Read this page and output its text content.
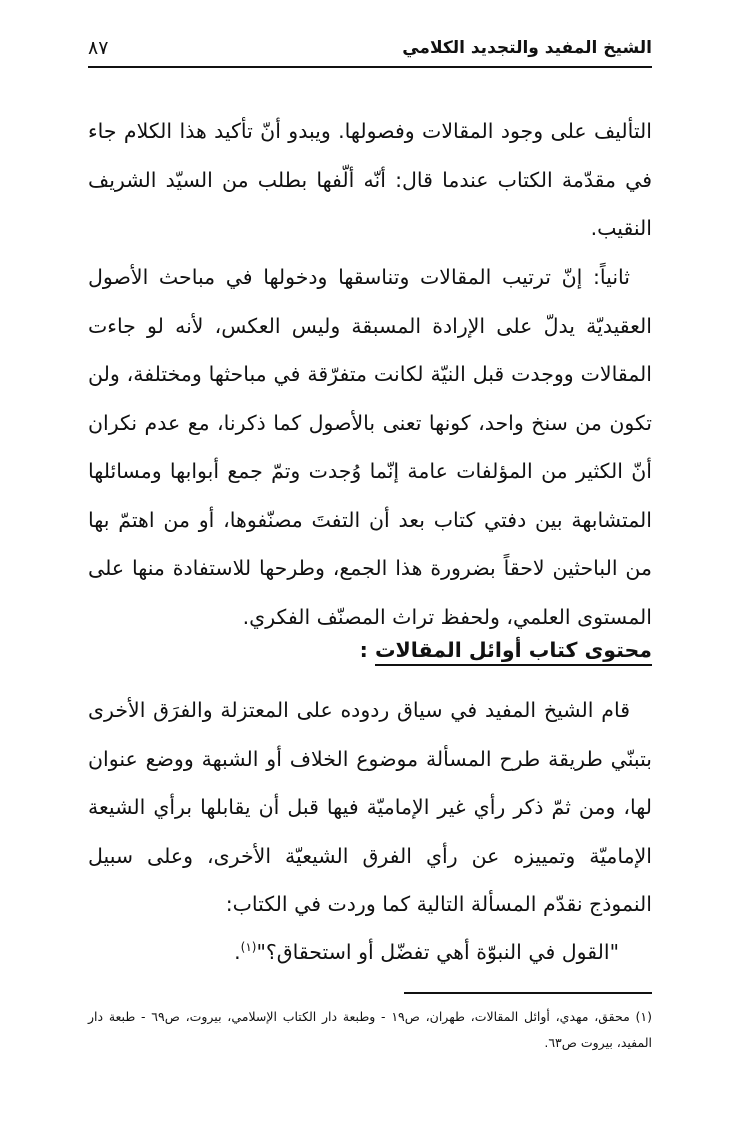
الشيخ المفيد والتجديد الكلامي
٨٧

التأليف على وجود المقالات وفصولها. ويبدو أنّ تأكيد هذا الكلام جاء في مقدّمة الكتاب عندما قال: أنّه ألّفها بطلب من السيّد الشريف النقيب.

ثانياً: إنّ ترتيب المقالات وتناسقها ودخولها في مباحث الأصول العقيديّة يدلّ على الإرادة المسبقة وليس العكس، لأنه لو جاءت المقالات ووجدت قبل النيّة لكانت متفرّقة في مباحثها ومختلفة، ولن تكون من سنخ واحد، كونها تعنى بالأصول كما ذكرنا، مع عدم نكران أنّ الكثير من المؤلفات عامة إنّما وُجدت وتمّ جمع أبوابها ومسائلها المتشابهة بين دفتي كتاب بعد أن التفتَ مصنّفوها، أو من اهتمّ بها من الباحثين لاحقاً بضرورة هذا الجمع، وطرحها للاستفادة منها على المستوى العلمي، ولحفظ تراث المصنّف الفكري.

محتوى كتاب أوائل المقالات :

قام الشيخ المفيد في سياق ردوده على المعتزلة والفرَق الأخرى بتبنّي طريقة طرح المسألة موضوع الخلاف أو الشبهة ووضع عنوان لها، ومن ثمّ ذكر رأي غير الإماميّة فيها قبل أن يقابلها برأي الشيعة الإماميّة وتمييزه عن رأي الفرق الشيعيّة الأخرى، وعلى سبيل النموذج نقدّم المسألة التالية كما وردت في الكتاب:

"القول في النبوّة أهي تفضّل أو استحقاق؟"$^{(١)}$.

(١) محقق، مهدي، أوائل المقالات، طهران، ص١٩ - وطبعة دار الكتاب الإسلامي، بيروت، ص٦٩ - طبعة دار المفيد، بيروت ص٦٣.
